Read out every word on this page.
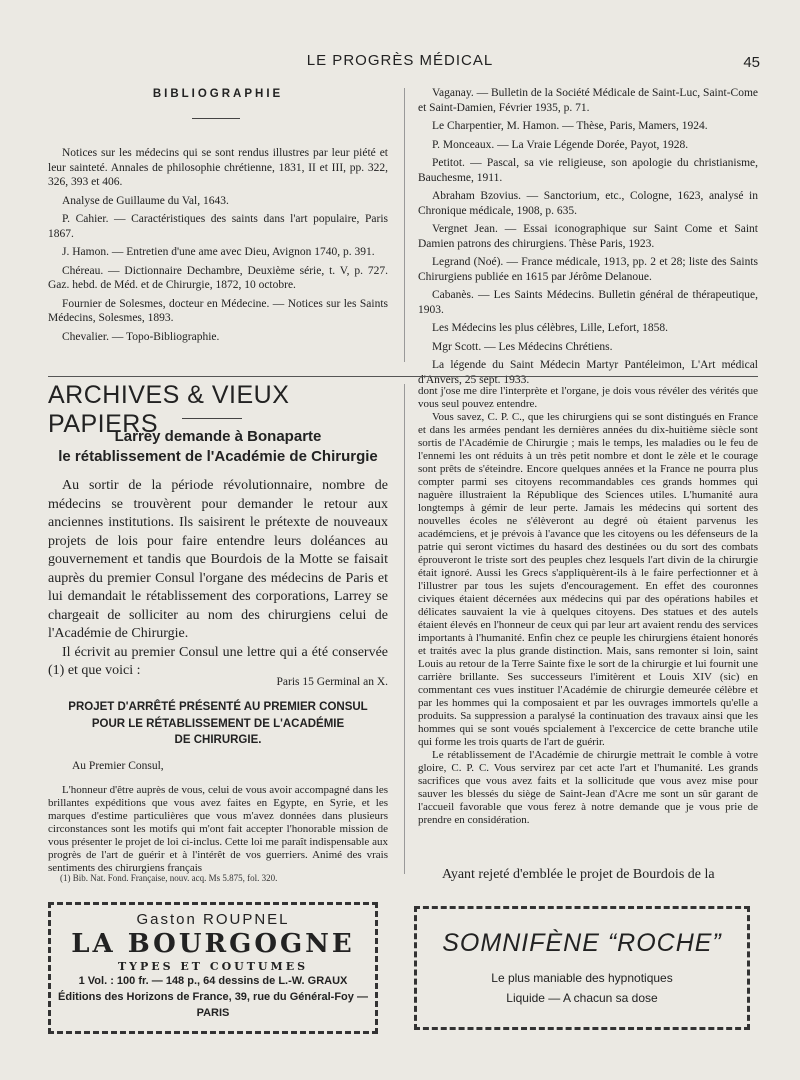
LE PROGRÈS MÉDICAL	45
BIBLIOGRAPHIE

Notices sur les médecins qui se sont rendus illustres par leur piété et leur sainteté. Annales de philosophie chrétienne, 1831, II et III, pp. 322, 326, 393 et 406.

Analyse de Guillaume du Val, 1643.

P. Cahier. — Caractéristiques des saints dans l'art populaire, Paris 1867.

J. Hamon. — Entretien d'une ame avec Dieu, Avignon 1740, p. 391.

Chéreau. — Dictionnaire Dechambre, Deuxième série, t. V, p. 727. Gaz. hebd. de Méd. et de Chirurgie, 1872, 10 octobre.

Fournier de Solesmes, docteur en Médecine. — Notices sur les Saints Médecins, Solesmes, 1893.

Chevalier. — Topo-Bibliographie.

Vaganay. — Bulletin de la Société Médicale de Saint-Luc, Saint-Come et Saint-Damien, Février 1935, p. 71.

Le Charpentier, M. Hamon. — Thèse, Paris, Mamers, 1924.

P. Monceaux. — La Vraie Légende Dorée, Payot, 1928.

Petitot. — Pascal, sa vie religieuse, son apologie du christianisme, Bauchesme, 1911.

Abraham Bzovius. — Sanctorium, etc., Cologne, 1623, analysé in Chronique médicale, 1908, p. 635.

Vergnet Jean. — Essai iconographique sur Saint Come et Saint Damien patrons des chirurgiens. Thèse Paris, 1923.

Legrand (Noé). — France médicale, 1913, pp. 2 et 28; liste des Saints Chirurgiens publiée en 1615 par Jérôme Delanoue.

Cabanès. — Les Saints Médecins. Bulletin général de thérapeutique, 1903.

Les Médecins les plus célèbres, Lille, Lefort, 1858.

Mgr Scott. — Les Médecins Chrétiens.

La légende du Saint Médecin Martyr Pantéleimon, L'Art médical d'Anvers, 25 sept. 1933.

ARCHIVES & VIEUX PAPIERS
Larrey demande à Bonaparte
le rétablissement de l'Académie de Chirurgie

Au sortir de la période révolutionnaire, nombre de médecins se trouvèrent pour demander le retour aux anciennes institutions. Ils saisirent le prétexte de nouveaux projets de lois pour faire entendre leurs doléances au gouvernement et tandis que Bourdois de la Motte se faisait auprès du premier Consul l'organe des médecins de Paris et lui demandait le rétablissement des corporations, Larrey se chargeait de solliciter au nom des chirurgiens celui de l'Académie de Chirurgie.

Il écrivit au premier Consul une lettre qui a été conservée (1) et que voici :

Paris 15 Germinal an X.
PROJET D'ARRÊTÉ PRÉSENTÉ AU PREMIER CONSUL
POUR LE RÉTABLISSEMENT DE L'ACADÉMIE
DE CHIRURGIE.
Au Premier Consul,

L'honneur d'être auprès de vous, celui de vous avoir accompagné dans les brillantes expéditions que vous avez faites en Egypte, en Syrie, et les marques d'estime particulières que vous m'avez données dans plusieurs circonstances sont les motifs qui m'ont fait accepter l'honorable mission de vous présenter le projet de loi ci-inclus. Cette loi me paraît indispensable aux progrès de l'art de guérir et à l'intérêt de vos guerriers. Animé des vrais sentiments des chirurgiens français

(1) Bib. Nat. Fond. Française, nouv. acq. Ms 5.875, fol. 320.

dont j'ose me dire l'interprète et l'organe, je dois vous révéler des vérités que vous seul pouvez entendre.

Vous savez, C. P. C., que les chirurgiens qui se sont distingués en France et dans les armées pendant les dernières années du dix-huitième siècle sont sortis de l'Académie de Chirurgie ; mais le temps, les maladies ou le feu de l'ennemi les ont réduits à un très petit nombre et dont le zèle et le courage sont prêts de s'éteindre. Encore quelques années et la France ne pourra plus compter parmi ses citoyens recommandables ces grands hommes qui naguère illustraient la République des Sciences utiles. L'humanité aura longtemps à gémir de leur perte. Jamais les médecins qui sortent des nouvelles écoles ne s'élèveront au degré où étaient parvenus les académciens, et je prévois à l'avance que les citoyens ou les défenseurs de la patrie qui seront victimes du hasard des destinées ou du sort des combats éprouveront le triste sort des peuples chez lesquels l'art divin de la chirurgie était ignoré. Aussi les Grecs s'appliquèrent-ils à le faire perfectionner et à l'illustrer par tous les sujets d'encouragement. En effet des couronnes civiques étaient décernées aux médecins qui par des opérations habiles et délicates sauvaient la vie à quelques citoyens. Des statues et des autels étaient élevés en l'honneur de ceux qui par leur art avaient rendu des services importants à l'humanité. Enfin chez ce peuple les chirurgiens étaient honorés et traités avec la plus grande distinction. Mais, sans remonter si loin, saint Louis au retour de la Terre Sainte fixe le sort de la chirurgie et lui fournit une carrière brillante. Ses successeurs l'imitèrent et Louis XIV (sic) en commentant ces vues instituer l'Académie de chirurgie demeurée célèbre et par les hommes qui la composaient et par les ouvrages immortels qu'elle a produits. Sa suppression a paralysé la continuation des travaux ainsi que les hommes qui se sont voués spcialement à l'excercice de cette branche utile qui forme les trois quarts de l'art de guérir.

Le rétablissement de l'Académie de chirurgie mettrait le comble à votre gloire, C. P. C. Vous servirez par cet acte l'art et l'humanité. Les grands sacrifices que vous avez faits et la sollicitude que vous avez mise pour sauver les blessés du siège de Saint-Jean d'Acre me sont un sûr garant de l'accueil favorable que vous ferez à notre demande que je vous prie de prendre en considération.

Ayant rejeté d'emblée le projet de Bourdois de la
Gaston ROUPNEL
LA BOURGOGNE
TYPES ET COUTUMES
1 Vol. : 100 fr. — 148 p., 64 dessins de L.-W. GRAUX
Éditions des Horizons de France, 39, rue du Général-Foy — PARIS
SOMNIFÈNE “ROCHE”
Le plus maniable des hypnotiques
Liquide — A chacun sa dose
